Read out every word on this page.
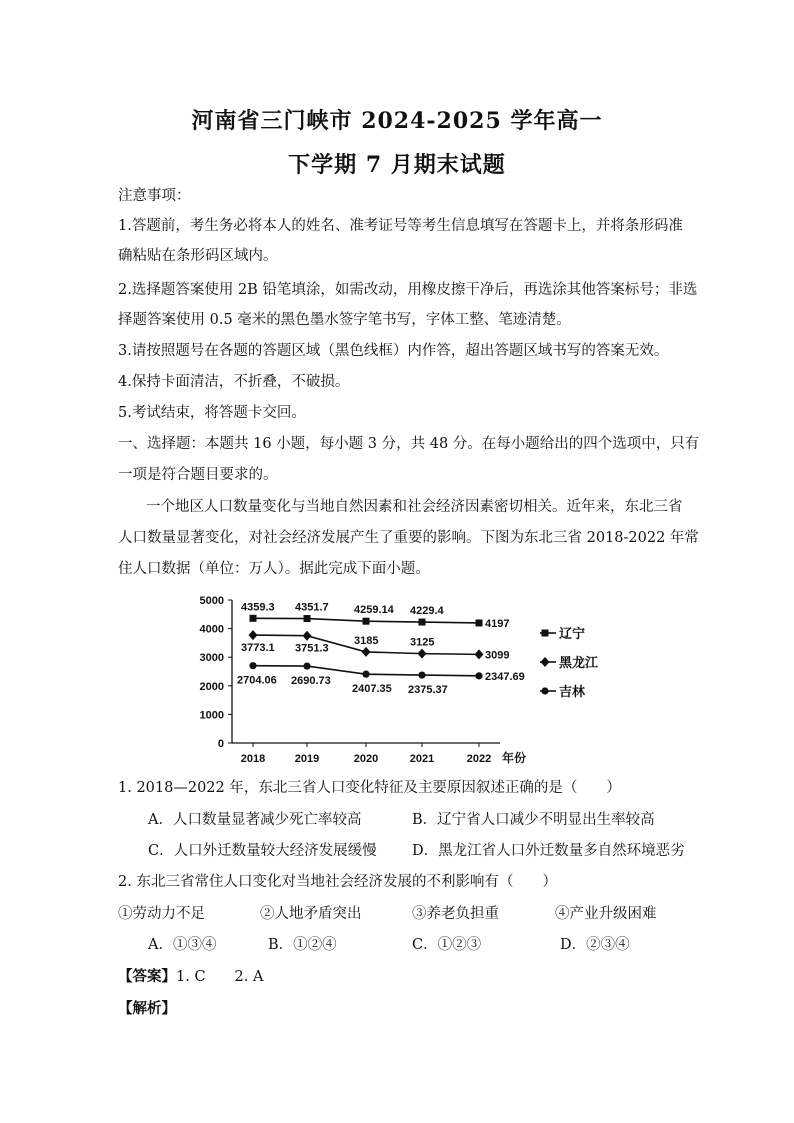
河南省三门峡市 2024-2025 学年高一
下学期 7 月期末试题
注意事项：
1.答题前，考生务必将本人的姓名、准考证号等考生信息填写在答题卡上，并将条形码准
确粘贴在条形码区域内。
2.选择题答案使用 2B 铅笔填涂，如需改动，用橡皮擦干净后，再选涂其他答案标号；非选
择题答案使用 0.5 毫米的黑色墨水签字笔书写，字体工整、笔迹清楚。
3.请按照题号在各题的答题区域（黑色线框）内作答，超出答题区域书写的答案无效。
4.保持卡面清洁，不折叠，不破损。
5.考试结束，将答题卡交回。
一、选择题：本题共 16 小题，每小题 3 分，共 48 分。在每小题给出的四个选项中，只有
一项是符合题目要求的。
一个地区人口数量变化与当地自然因素和社会经济因素密切相关。近年来，东北三省
人口数量显著变化，对社会经济发展产生了重要的影响。下图为东北三省 2018-2022 年常
住人口数据（单位：万人）。据此完成下面小题。
0
1000
2000
3000
4000
5000
2018	2019	2020	2021	2022 年份
4359.3 4351.7 4259.14 4229.4
4197
3773.1 3751.3
3185	3125
3099
2704.06 2690.73
2407.35 2375.37
2347.69
辽宁
黑龙江
吉林
1. 2018—2022 年，东北三省人口变化特征及主要原因叙述正确的是（　　）
A．人口数量显著减少死亡率较高	B．辽宁省人口减少不明显出生率较高
C．人口外迁数量较大经济发展缓慢 D．黑龙江省人口外迁数量多自然环境恶劣
2. 东北三省常住人口变化对当地社会经济发展的不利影响有（　　）
①劳动力不足	②人地矛盾突出	③养老负担重	④产业升级困难
A．①③④	B．①②④	C．①②③	D．②③④
【答案】1. C　　2. A
【解析】
